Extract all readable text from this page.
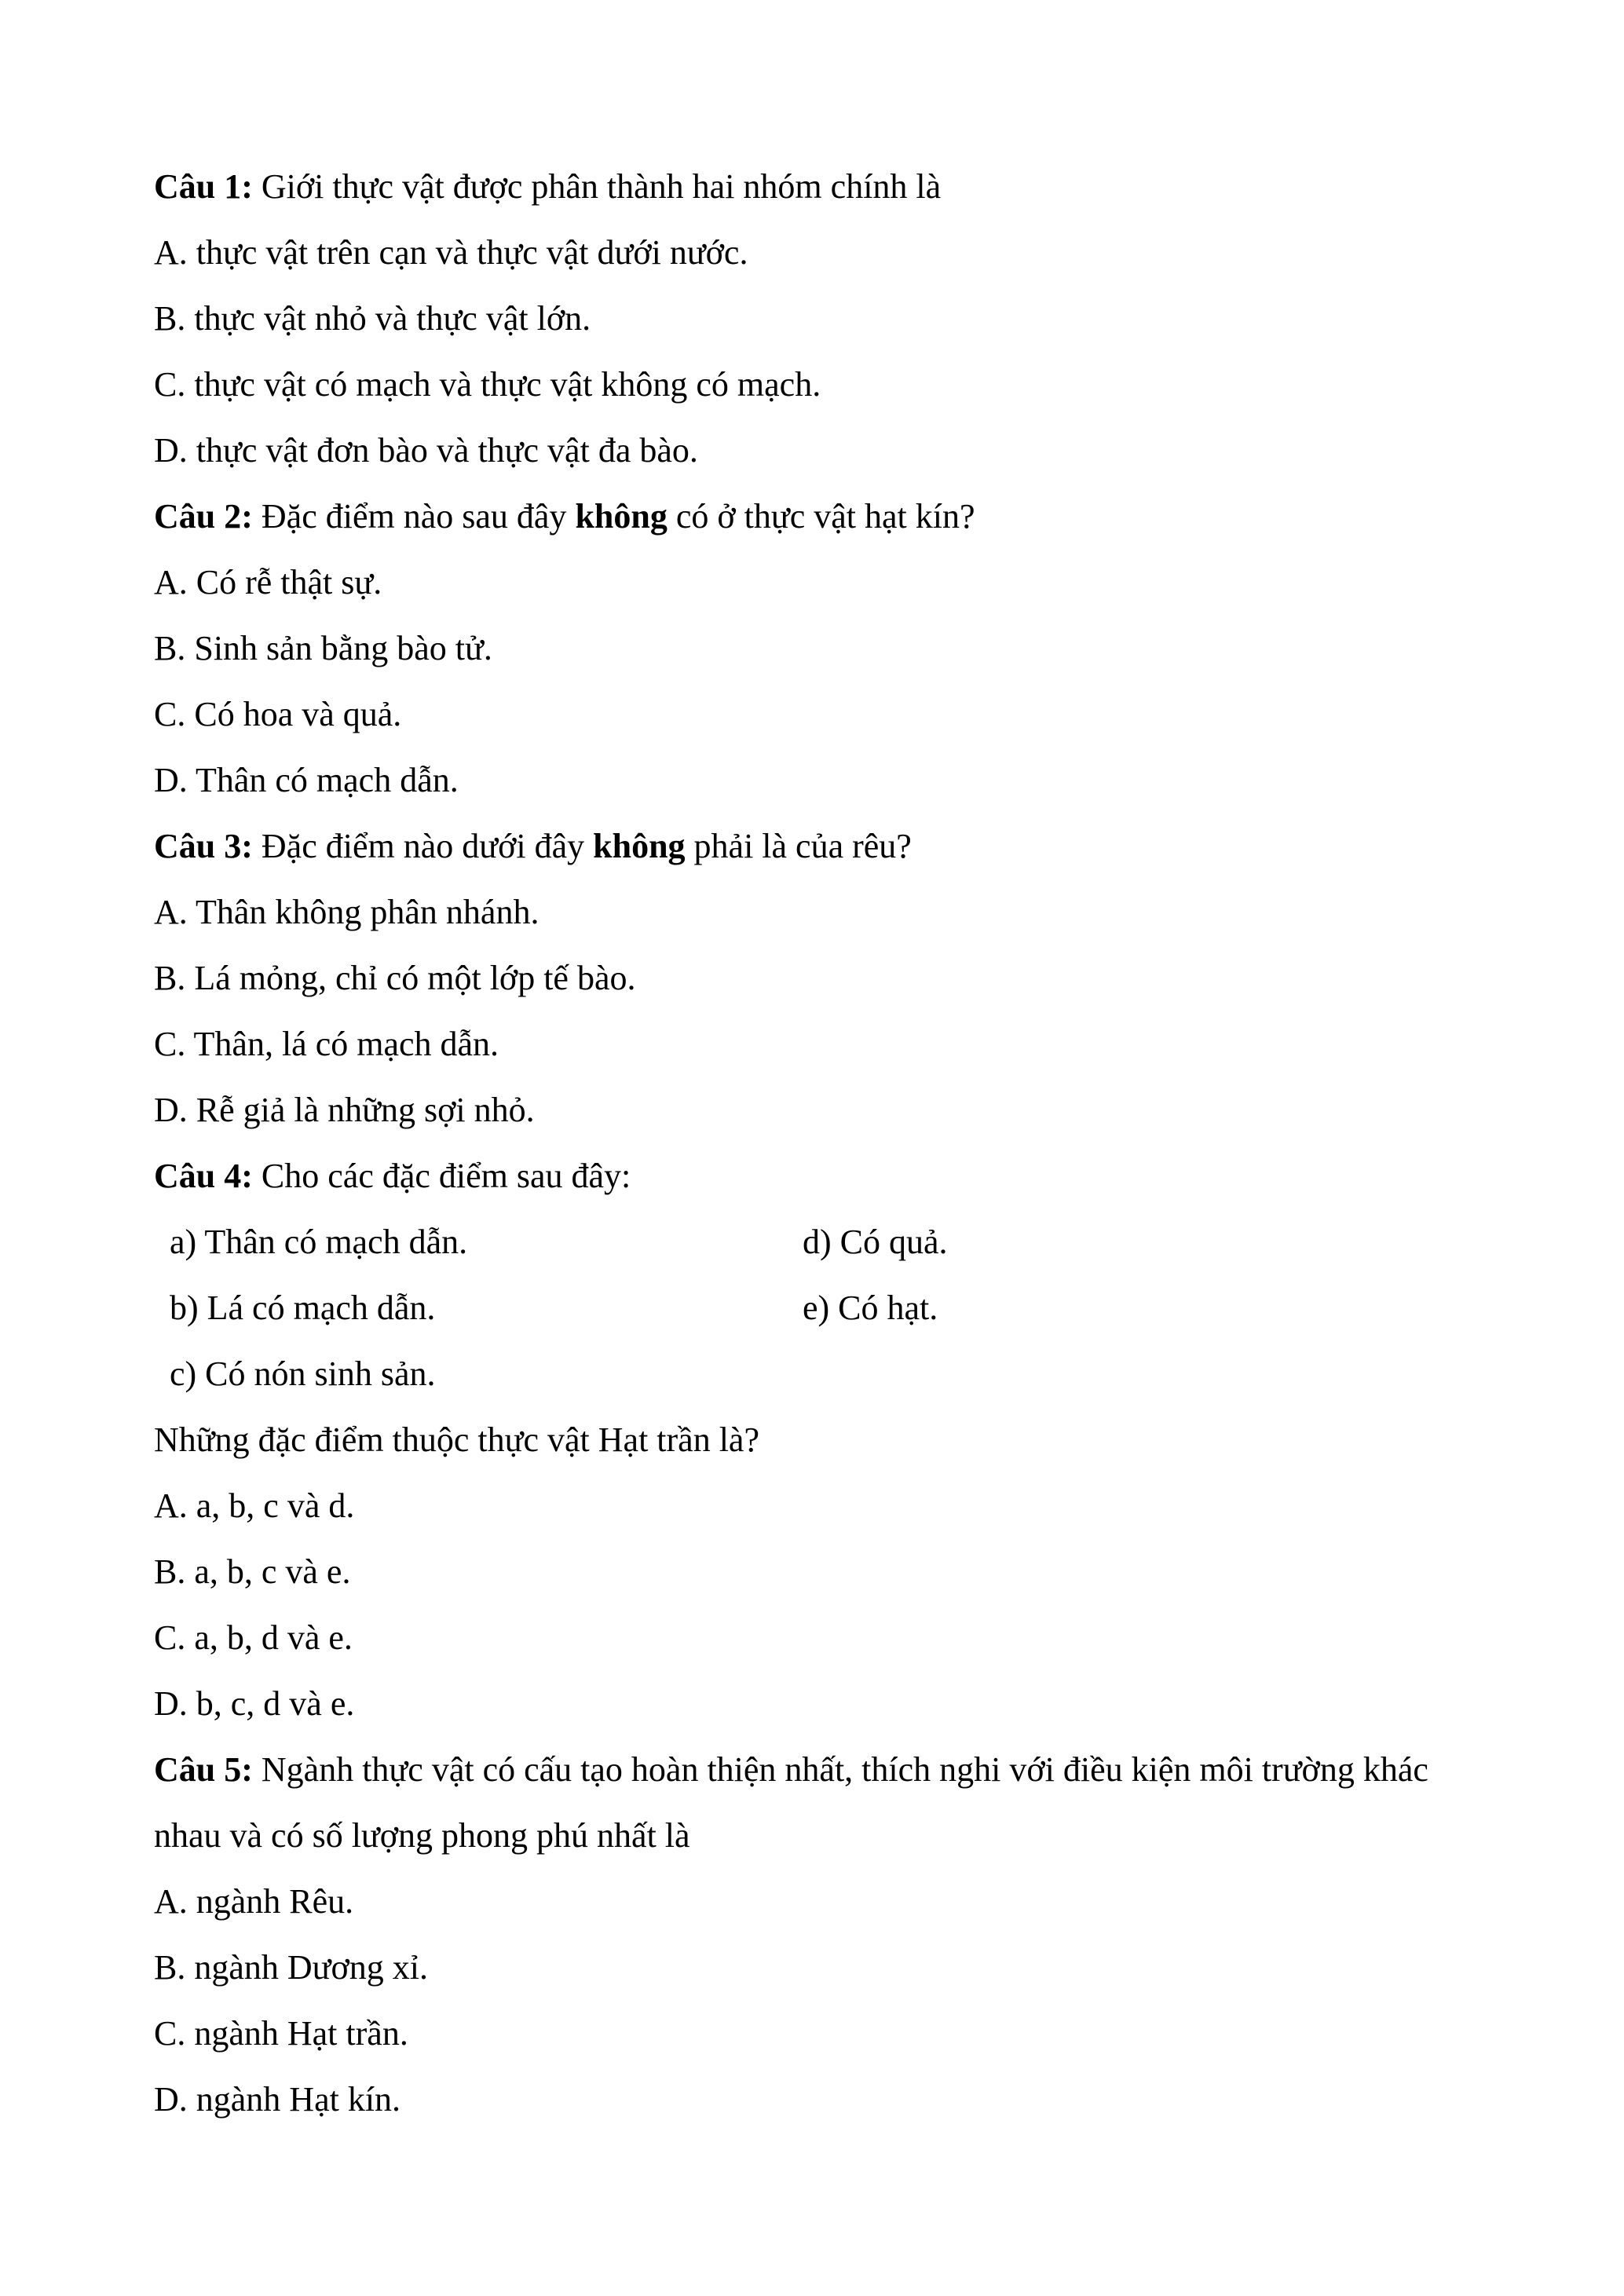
Câu 1: Giới thực vật được phân thành hai nhóm chính là
A. thực vật trên cạn và thực vật dưới nước.
B. thực vật nhỏ và thực vật lớn.
C. thực vật có mạch và thực vật không có mạch.
D. thực vật đơn bào và thực vật đa bào.
Câu 2: Đặc điểm nào sau đây không có ở thực vật hạt kín?
A. Có rễ thật sự.
B. Sinh sản bằng bào tử.
C. Có hoa và quả.
D. Thân có mạch dẫn.
Câu 3: Đặc điểm nào dưới đây không phải là của rêu?
A. Thân không phân nhánh.
B. Lá mỏng, chỉ có một lớp tế bào.
C. Thân, lá có mạch dẫn.
D. Rễ giả là những sợi nhỏ.
Câu 4: Cho các đặc điểm sau đây:
a) Thân có mạch dẫn.	d) Có quả.
b) Lá có mạch dẫn.	e) Có hạt.
c) Có nón sinh sản.
Những đặc điểm thuộc thực vật Hạt trần là?
A. a, b, c và d.
B. a, b, c và e.
C. a, b, d và e.
D. b, c, d và e.
Câu 5: Ngành thực vật có cấu tạo hoàn thiện nhất, thích nghi với điều kiện môi trường khác nhau và có số lượng phong phú nhất là
A. ngành Rêu.
B. ngành Dương xỉ.
C. ngành Hạt trần.
D. ngành Hạt kín.
